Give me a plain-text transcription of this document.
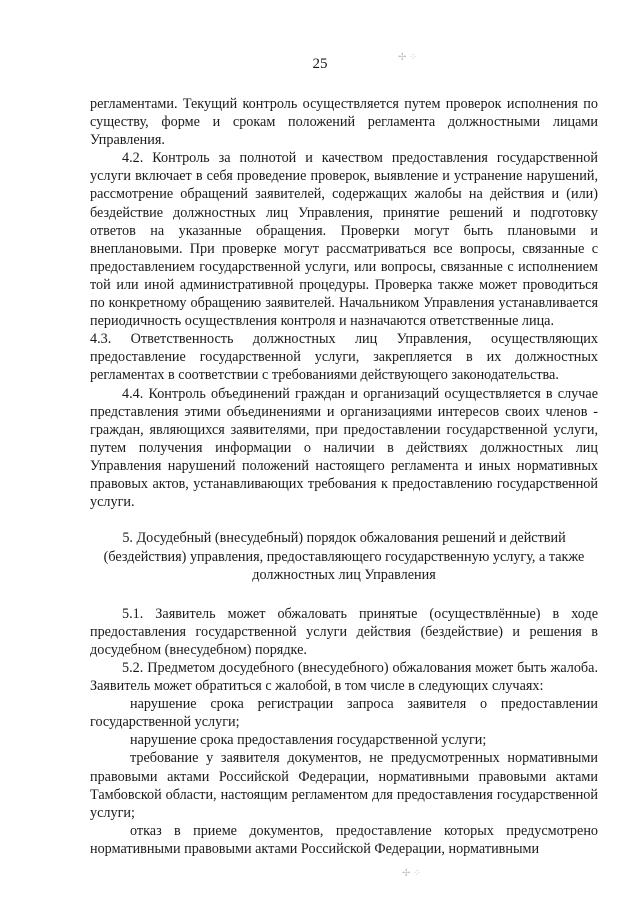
25	✢ ⁘
✢ ⁘

регламентами. Текущий контроль осуществляется путем проверок исполнения по существу, форме и срокам положений регламента должностными лицами Управления.

4.2. Контроль за полнотой и качеством предоставления государственной услуги включает в себя проведение проверок, выявление и устранение нарушений, рассмотрение обращений заявителей, содержащих жалобы на действия и (или) бездействие должностных лиц Управления, принятие решений и подготовку ответов на указанные обращения. Проверки могут быть плановыми и внеплановыми. При проверке могут рассматриваться все вопросы, связанные с предоставлением государственной услуги, или вопросы, связанные с исполнением той или иной административной процедуры. Проверка также может проводиться по конкретному обращению заявителей. Начальником Управления устанавливается периодичность осуществления контроля и назначаются ответственные лица.

4.3. Ответственность должностных лиц Управления, осуществляющих предоставление государственной услуги, закрепляется в их должностных регламентах в соответствии с требованиями действующего законодательства.

4.4. Контроль объединений граждан и организаций осуществляется в случае представления этими объединениями и организациями интересов своих членов - граждан, являющихся заявителями, при предоставлении государственной услуги, путем получения информации о наличии в действиях должностных лиц Управления нарушений положений настоящего регламента и иных нормативных правовых актов, устанавливающих требования к предоставлению государственной услуги.

5. Досудебный (внесудебный) порядок обжалования решений и действий (бездействия) управления, предоставляющего государственную услугу, а также должностных лиц Управления

5.1. Заявитель может обжаловать принятые (осуществлённые) в ходе предоставления государственной услуги действия (бездействие) и решения в досудебном (внесудебном) порядке.

5.2. Предметом досудебного (внесудебного) обжалования может быть жалоба. Заявитель может обратиться с жалобой, в том числе в следующих случаях:

нарушение срока регистрации запроса заявителя о предоставлении государственной услуги;

нарушение срока предоставления государственной услуги;

требование у заявителя документов, не предусмотренных нормативными правовыми актами Российской Федерации, нормативными правовыми актами Тамбовской области, настоящим регламентом для предоставления государственной услуги;

отказ в приеме документов, предоставление которых предусмотрено нормативными правовыми актами Российской Федерации, нормативными
